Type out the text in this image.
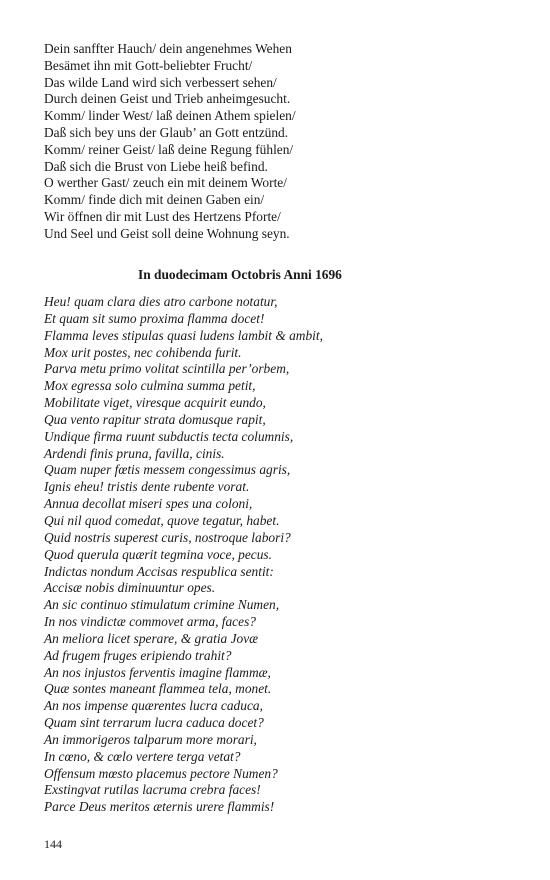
Dein sanffter Hauch/ dein angenehmes Wehen
Besämet ihn mit Gott-beliebter Frucht/
Das wilde Land wird sich verbessert sehen/
Durch deinen Geist und Trieb anheimgesucht.
Komm/ linder West/ laß deinen Athem spielen/
Daß sich bey uns der Glaub’ an Gott entzünd.
Komm/ reiner Geist/ laß deine Regung fühlen/
Daß sich die Brust von Liebe heiß befind.
O werther Gast/ zeuch ein mit deinem Worte/
Komm/ finde dich mit deinen Gaben ein/
Wir öffnen dir mit Lust des Hertzens Pforte/
Und Seel und Geist soll deine Wohnung seyn.
In duodecimam Octobris Anni 1696
Heu! quam clara dies atro carbone notatur,
Et quam sit sumo proxima flamma docet!
Flamma leves stipulas quasi ludens lambit & ambit,
Mox urit postes, nec cohibenda furit.
Parva metu primo volitat scintilla per’orbem,
Mox egressa solo culmina summa petit,
Mobilitate viget, viresque acquirit eundo,
Qua vento rapitur strata domusque rapit,
Undique firma ruunt subductis tecta columnis,
Ardendi finis pruna, favilla, cinis.
Quam nuper fœtis messem congessimus agris,
Ignis eheu! tristis dente rubente vorat.
Annua decollat miseri spes una coloni,
Qui nil quod comedat, quove tegatur, habet.
Quid nostris superest curis, nostroque labori?
Quod querula quærit tegmina voce, pecus.
Indictas nondum Accisas respublica sentit:
Accisæ nobis diminuuntur opes.
An sic continuo stimulatum crimine Numen,
In nos vindictæ commovet arma, faces?
An meliora licet sperare, & gratia Jovæ
Ad frugem fruges eripiendo trahit?
An nos injustos ferventis imagine flammæ,
Quæ sontes maneant flammea tela, monet.
An nos impense quærentes lucra caduca,
Quam sint terrarum lucra caduca docet?
An immorigeros talparum more morari,
In cœno, & cœlo vertere terga vetat?
Offensum mœsto placemus pectore Numen?
Exstingvat rutilas lacruma crebra faces!
Parce Deus meritos æternis urere flammis!
144
